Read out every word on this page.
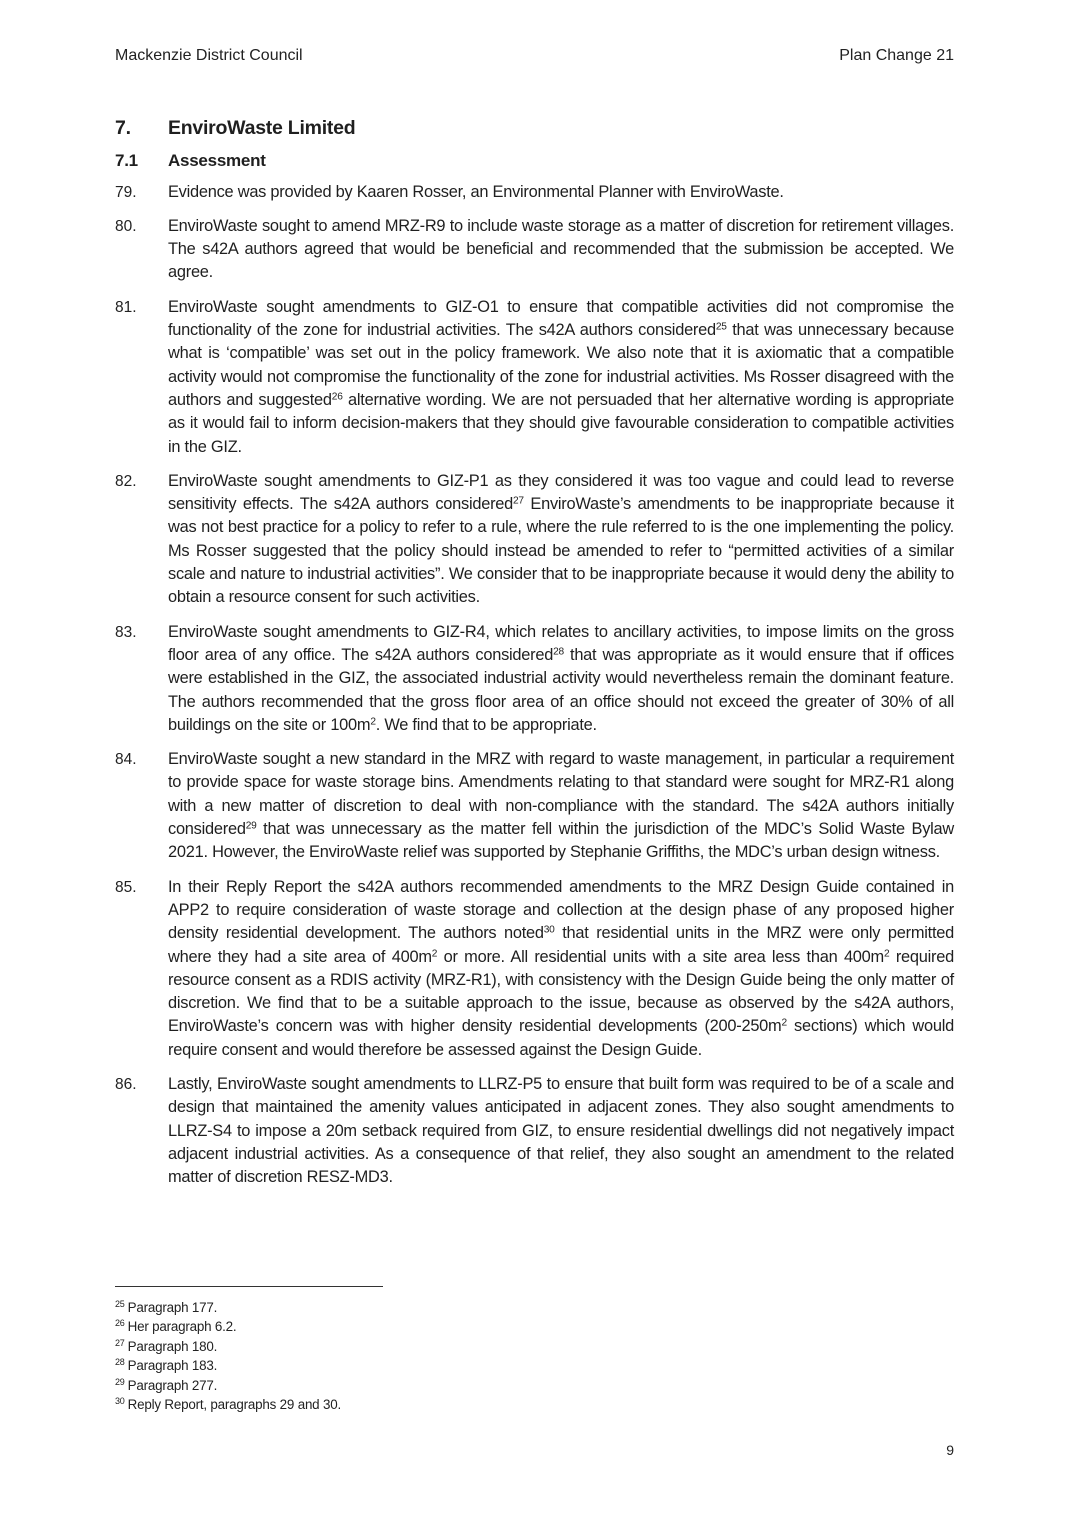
Mackenzie District Council	Plan Change 21
7.	EnviroWaste Limited
7.1	Assessment
79.	Evidence was provided by Kaaren Rosser, an Environmental Planner with EnviroWaste.
80.	EnviroWaste sought to amend MRZ-R9 to include waste storage as a matter of discretion for retirement villages. The s42A authors agreed that would be beneficial and recommended that the submission be accepted. We agree.
81.	EnviroWaste sought amendments to GIZ-O1 to ensure that compatible activities did not compromise the functionality of the zone for industrial activities. The s42A authors considered$^{25}$ that was unnecessary because what is ‘compatible’ was set out in the policy framework. We also note that it is axiomatic that a compatible activity would not compromise the functionality of the zone for industrial activities. Ms Rosser disagreed with the authors and suggested$^{26}$ alternative wording. We are not persuaded that her alternative wording is appropriate as it would fail to inform decision-makers that they should give favourable consideration to compatible activities in the GIZ.
82.	EnviroWaste sought amendments to GIZ-P1 as they considered it was too vague and could lead to reverse sensitivity effects. The s42A authors considered$^{27}$ EnviroWaste’s amendments to be inappropriate because it was not best practice for a policy to refer to a rule, where the rule referred to is the one implementing the policy. Ms Rosser suggested that the policy should instead be amended to refer to “permitted activities of a similar scale and nature to industrial activities”. We consider that to be inappropriate because it would deny the ability to obtain a resource consent for such activities.
83.	EnviroWaste sought amendments to GIZ-R4, which relates to ancillary activities, to impose limits on the gross floor area of any office. The s42A authors considered$^{28}$ that was appropriate as it would ensure that if offices were established in the GIZ, the associated industrial activity would nevertheless remain the dominant feature. The authors recommended that the gross floor area of an office should not exceed the greater of 30% of all buildings on the site or $100m^2$. We find that to be appropriate.
84.	EnviroWaste sought a new standard in the MRZ with regard to waste management, in particular a requirement to provide space for waste storage bins. Amendments relating to that standard were sought for MRZ-R1 along with a new matter of discretion to deal with non-compliance with the standard. The s42A authors initially considered$^{29}$ that was unnecessary as the matter fell within the jurisdiction of the MDC’s Solid Waste Bylaw 2021. However, the EnviroWaste relief was supported by Stephanie Griffiths, the MDC’s urban design witness.
85.	In their Reply Report the s42A authors recommended amendments to the MRZ Design Guide contained in APP2 to require consideration of waste storage and collection at the design phase of any proposed higher density residential development. The authors noted$^{30}$ that residential units in the MRZ were only permitted where they had a site area of $400m^2$ or more. All residential units with a site area less than $400m^2$ required resource consent as a RDIS activity (MRZ-R1), with consistency with the Design Guide being the only matter of discretion. We find that to be a suitable approach to the issue, because as observed by the s42A authors, EnviroWaste’s concern was with higher density residential developments ($200-250m^2$ sections) which would require consent and would therefore be assessed against the Design Guide.
86.	Lastly, EnviroWaste sought amendments to LLRZ-P5 to ensure that built form was required to be of a scale and design that maintained the amenity values anticipated in adjacent zones. They also sought amendments to LLRZ-S4 to impose a 20m setback required from GIZ, to ensure residential dwellings did not negatively impact adjacent industrial activities. As a consequence of that relief, they also sought an amendment to the related matter of discretion RESZ-MD3.
25 Paragraph 177.
26 Her paragraph 6.2.
27 Paragraph 180.
28 Paragraph 183.
29 Paragraph 277.
30 Reply Report, paragraphs 29 and 30.
9
